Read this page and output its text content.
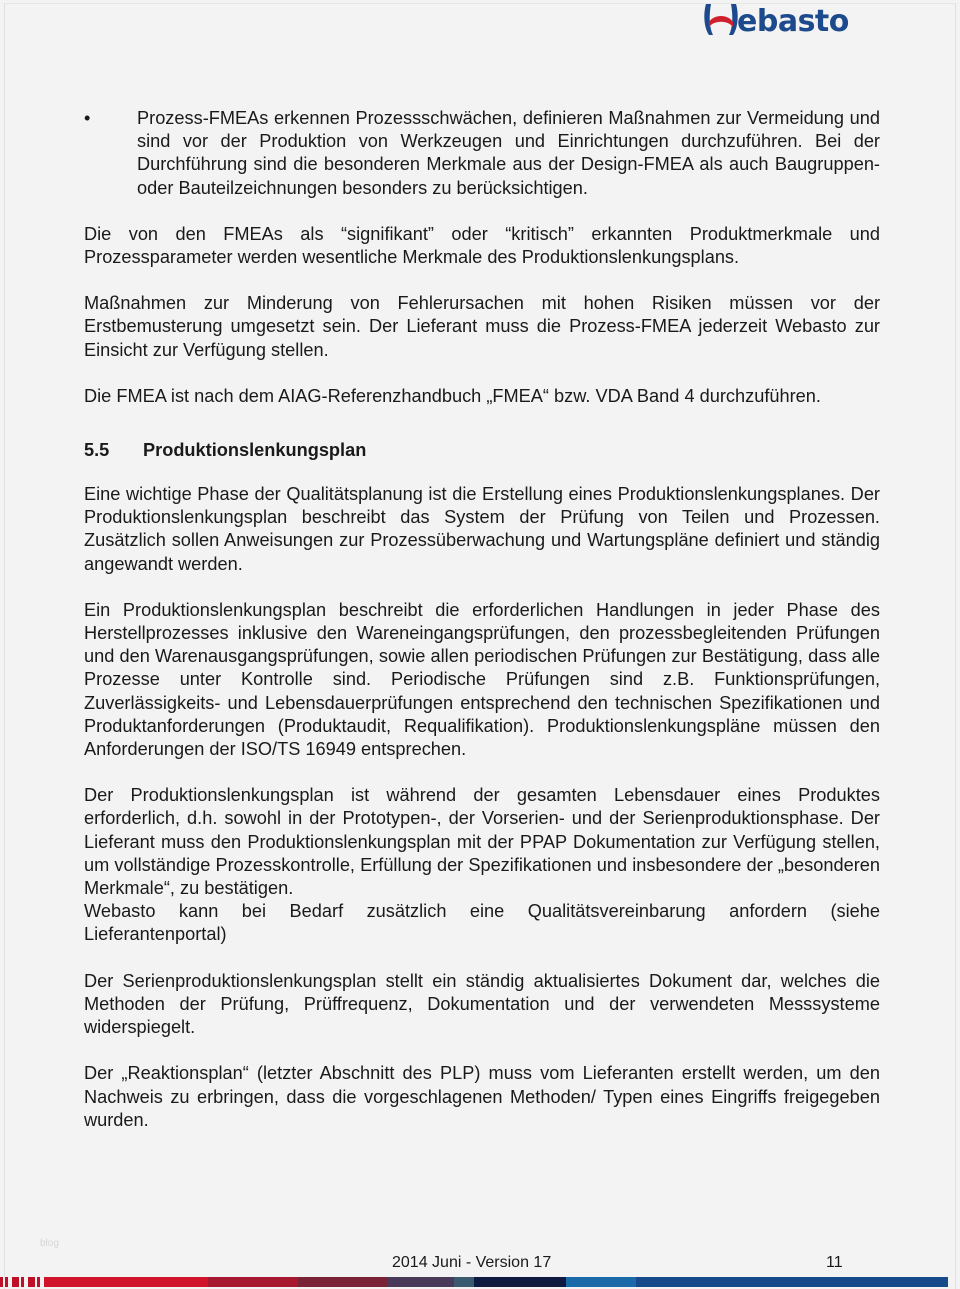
ebasto
•	Prozess-FMEAs erkennen Prozessschwächen, definieren Maßnahmen zur Vermeidung und sind vor der Produktion von Werkzeugen und Einrichtungen durchzuführen. Bei der Durchführung sind die besonderen Merkmale aus der Design-FMEA als auch Baugruppen- oder Bauteilzeichnungen besonders zu berücksichtigen.

Die von den FMEAs als “signifikant” oder “kritisch” erkannten Produktmerkmale und Prozessparameter werden wesentliche Merkmale des Produktionslenkungsplans.

Maßnahmen zur Minderung von Fehlerursachen mit hohen Risiken müssen vor der Erstbemusterung umgesetzt sein. Der Lieferant muss die Prozess-FMEA jederzeit Webasto zur Einsicht zur Verfügung stellen.

Die FMEA ist nach dem AIAG-Referenzhandbuch „FMEA“ bzw. VDA Band 4 durchzuführen.

5.5	Produktionslenkungsplan

Eine wichtige Phase der Qualitätsplanung ist die Erstellung eines Produktionslenkungsplanes. Der Produktionslenkungsplan beschreibt das System der Prüfung von Teilen und Prozessen. Zusätzlich sollen Anweisungen zur Prozessüberwachung und Wartungspläne definiert und ständig angewandt werden.

Ein Produktionslenkungsplan beschreibt die erforderlichen Handlungen in jeder Phase des Herstellprozesses inklusive den Wareneingangsprüfungen, den prozessbegleitenden Prüfungen und den Warenausgangsprüfungen, sowie allen periodischen Prüfungen zur Bestätigung, dass alle Prozesse unter Kontrolle sind. Periodische Prüfungen sind z.B. Funktionsprüfungen, Zuverlässigkeits- und Lebensdauerprüfungen entsprechend den technischen Spezifikationen und Produktanforderungen (Produktaudit, Requalifikation). Produktionslenkungspläne müssen den Anforderungen der ISO/TS 16949 entsprechen.

Der Produktionslenkungsplan ist während der gesamten Lebensdauer eines Produktes erforderlich, d.h. sowohl in der Prototypen-, der Vorserien- und der Serienproduktionsphase. Der Lieferant muss den Produktionslenkungsplan mit der PPAP Dokumentation zur Verfügung stellen, um vollständige Prozesskontrolle, Erfüllung der Spezifikationen und insbesondere der „besonderen Merkmale“, zu bestätigen.

Webasto kann bei Bedarf zusätzlich eine Qualitätsvereinbarung anfordern (siehe Lieferantenportal)

Der Serienproduktionslenkungsplan stellt ein ständig aktualisiertes Dokument dar, welches die Methoden der Prüfung, Prüffrequenz, Dokumentation und der verwendeten Messsysteme widerspiegelt.

Der „Reaktionsplan“ (letzter Abschnitt des PLP) muss vom Lieferanten erstellt werden, um den Nachweis zu erbringen, dass die vorgeschlagenen Methoden/ Typen eines Eingriffs freigegeben wurden.

blog
2014 Juni - Version 17	11
